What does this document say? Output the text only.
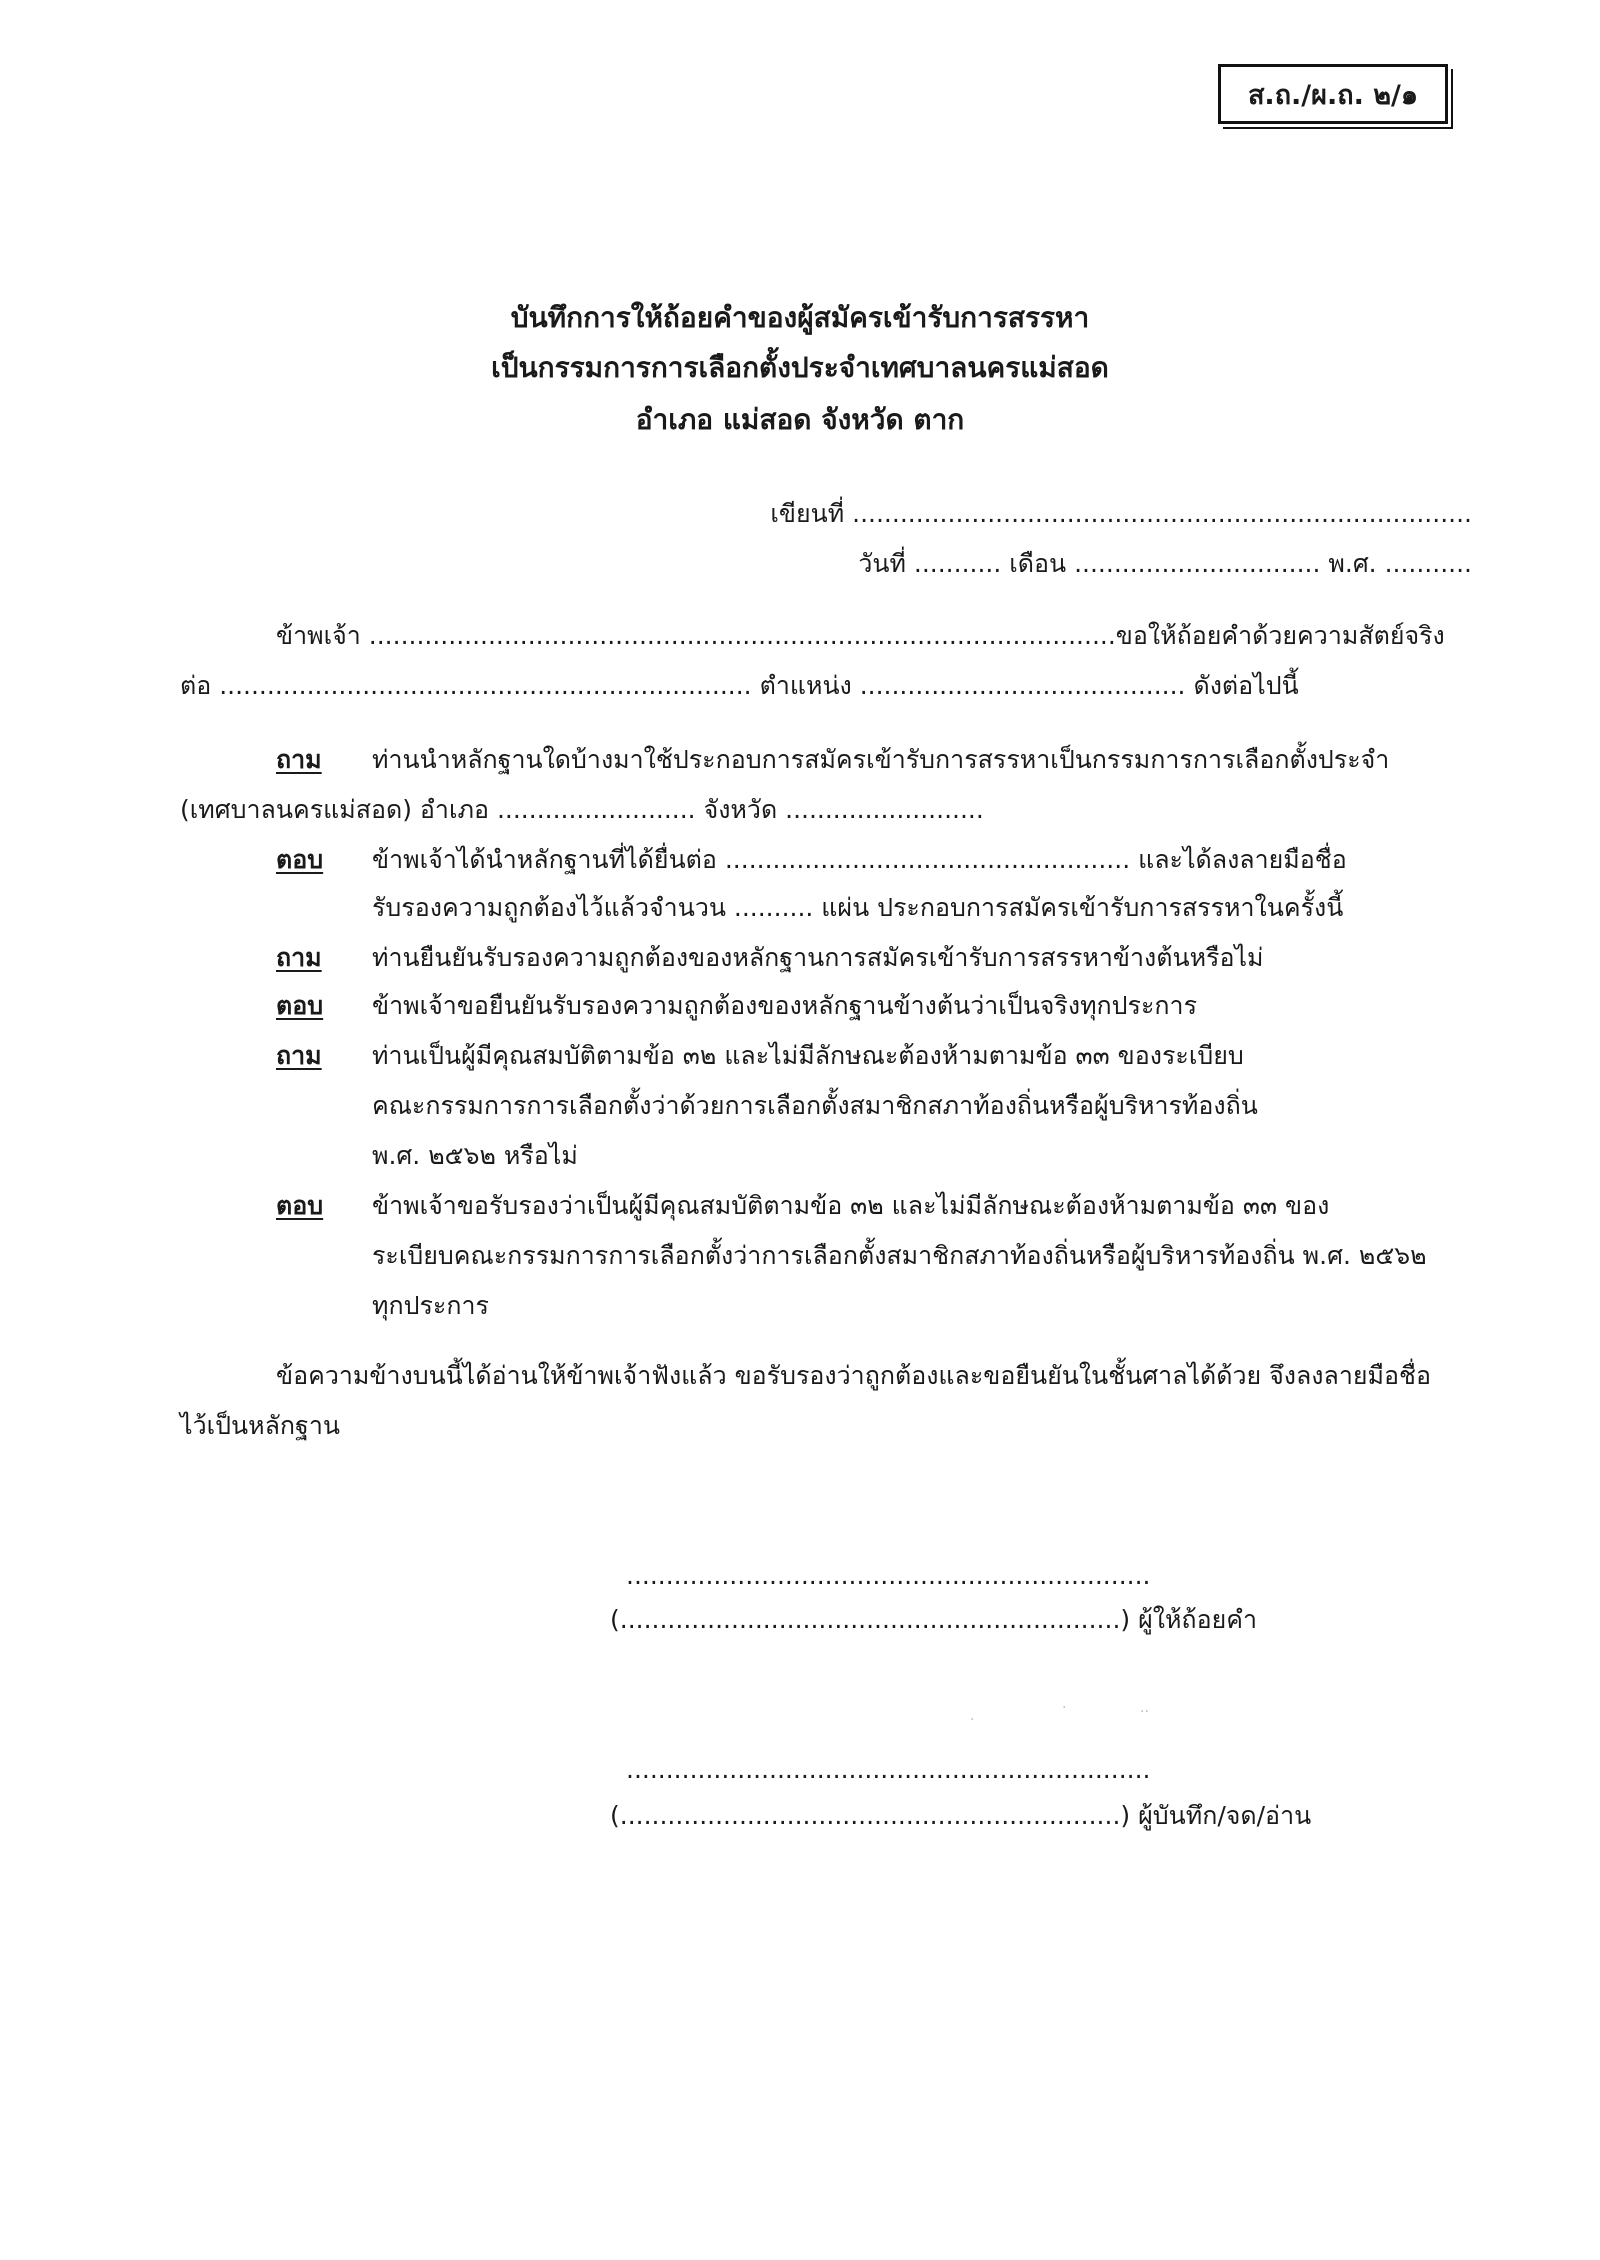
ส.ถ./ผ.ถ. ๒/๑
บันทึกการให้ถ้อยคำของผู้สมัครเข้ารับการสรรหา
เป็นกรรมการการเลือกตั้งประจำเทศบาลนครแม่สอด
อำเภอ แม่สอด จังหวัด ตาก
เขียนที่ ..............................................................................
วันที่ ........... เดือน ............................... พ.ศ. ...........
ข้าพเจ้า ..............................................................................................ขอให้ถ้อยคำด้วยความสัตย์จริง
ต่อ ................................................................... ตำแหน่ง ......................................... ดังต่อไปนี้
ถาม ท่านนำหลักฐานใดบ้างมาใช้ประกอบการสมัครเข้ารับการสรรหาเป็นกรรมการการเลือกตั้งประจำ
(เทศบาลนครแม่สอด) อำเภอ ......................... จังหวัด .........................
ตอบ ข้าพเจ้าได้นำหลักฐานที่ได้ยื่นต่อ ................................................... และได้ลงลายมือชื่อ
รับรองความถูกต้องไว้แล้วจำนวน .......... แผ่น ประกอบการสมัครเข้ารับการสรรหาในครั้งนี้
ถาม ท่านยืนยันรับรองความถูกต้องของหลักฐานการสมัครเข้ารับการสรรหาข้างต้นหรือไม่
ตอบ ข้าพเจ้าขอยืนยันรับรองความถูกต้องของหลักฐานข้างต้นว่าเป็นจริงทุกประการ
ถาม ท่านเป็นผู้มีคุณสมบัติตามข้อ ๓๒ และไม่มีลักษณะต้องห้ามตามข้อ ๓๓ ของระเบียบ
คณะกรรมการการเลือกตั้งว่าด้วยการเลือกตั้งสมาชิกสภาท้องถิ่นหรือผู้บริหารท้องถิ่น
พ.ศ. ๒๕๖๒ หรือไม่
ตอบ ข้าพเจ้าขอรับรองว่าเป็นผู้มีคุณสมบัติตามข้อ ๓๒ และไม่มีลักษณะต้องห้ามตามข้อ ๓๓ ของ
ระเบียบคณะกรรมการการเลือกตั้งว่าการเลือกตั้งสมาชิกสภาท้องถิ่นหรือผู้บริหารท้องถิ่น พ.ศ. ๒๕๖๒
ทุกประการ
ข้อความข้างบนนี้ได้อ่านให้ข้าพเจ้าฟังแล้ว ขอรับรองว่าถูกต้องและขอยืนยันในชั้นศาลได้ด้วย จึงลงลายมือชื่อ
ไว้เป็นหลักฐาน
..................................................................
(...............................................................) ผู้ให้ถ้อยคำ
·
·	··
..................................................................
(...............................................................) ผู้บันทึก/จด/อ่าน
